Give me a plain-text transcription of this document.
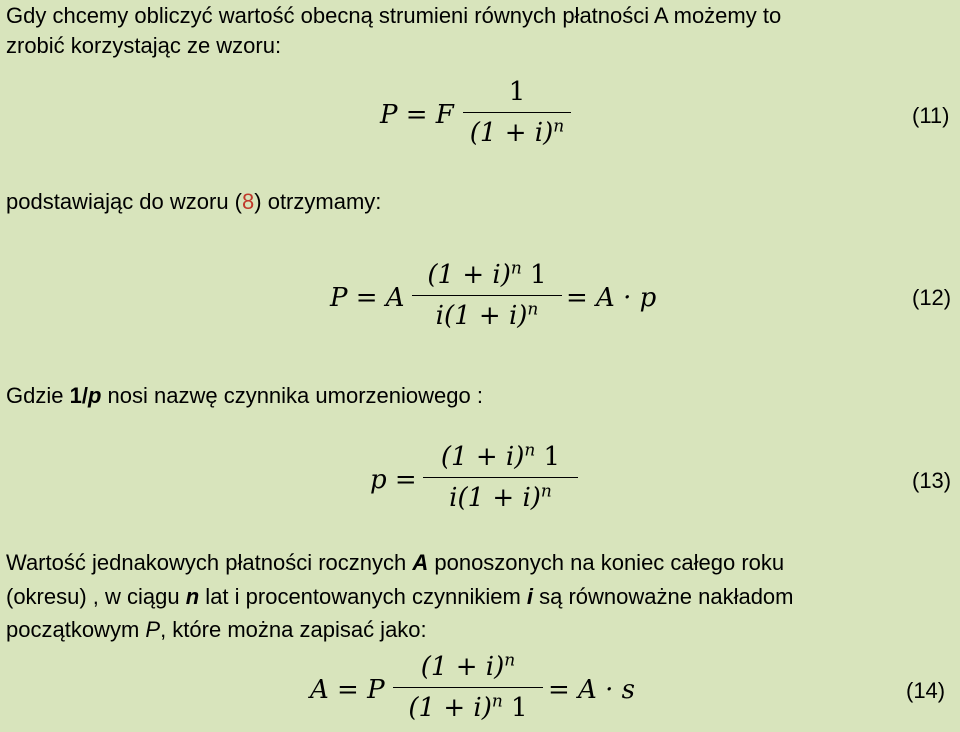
Gdy chcemy obliczyć wartość obecną strumieni równych płatności A możemy to
zrobić korzystając ze wzoru:
P = F
1
$(1 + i)^n$	(11)
podstawiając do wzoru (8) otrzymamy:
P = A
$(1 + i)^n$ 1
$i(1 + i)^n$	= A · p	(12)
Gdzie 1/p nosi nazwę czynnika umorzeniowego :
p =
$(1 + i)^n$ 1
$i(1 + i)^n$	(13)
Wartość jednakowych płatności rocznych A ponoszonych na koniec całego roku
(okresu) , w ciągu n lat i procentowanych czynnikiem i są równoważne nakładom
początkowym P, które można zapisać jako:
A = P
$(1 + i)^n$
$(1 + i)^n$ 1
= A · s	(14)
